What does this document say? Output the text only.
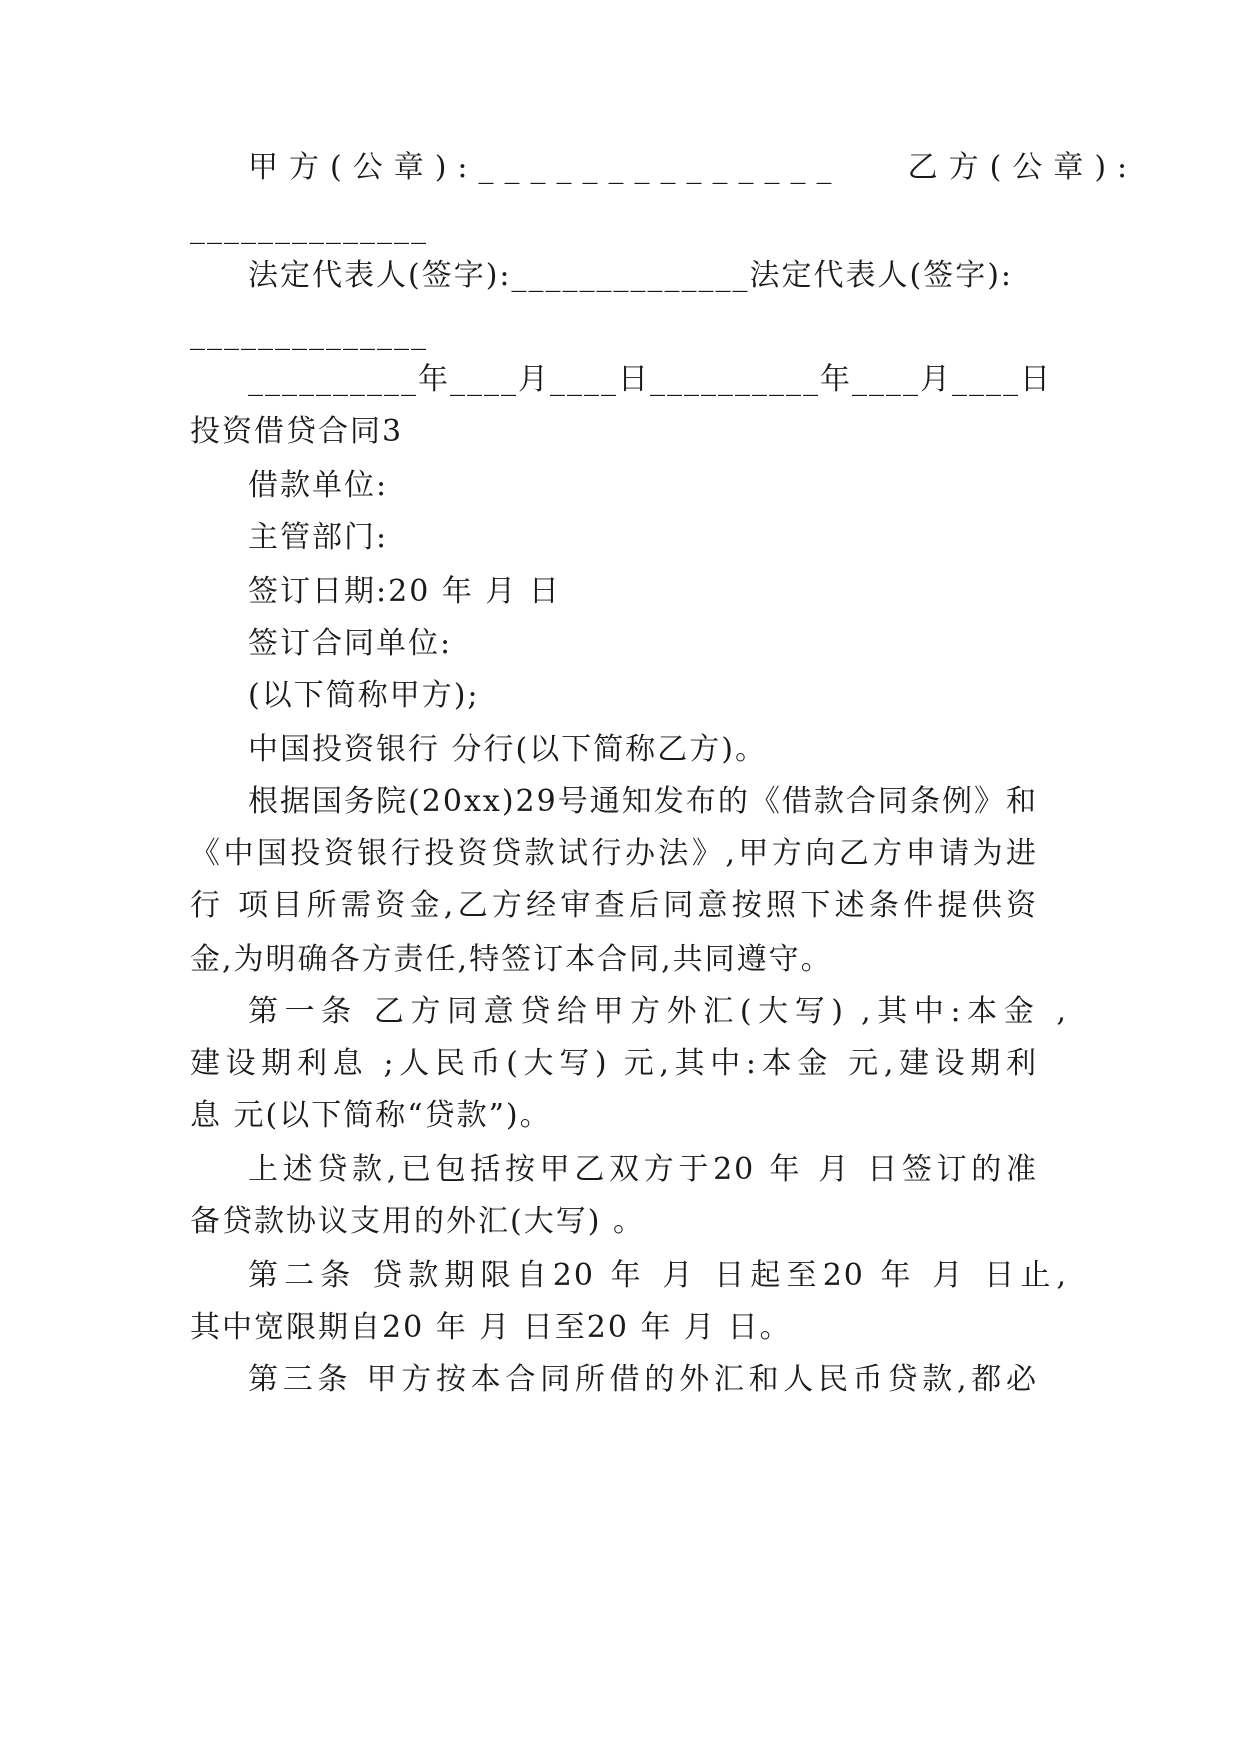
甲方(公章):______________ 乙方(公章):
______________
法定代表人(签字):______________法定代表人(签字):
______________
__________年____月____日__________年____月____日
投资借贷合同3
借款单位:
主管部门:
签订日期:20 年 月 日
签订合同单位:
(以下简称甲方);
中国投资银行 分行(以下简称乙方)。
根据国务院(20xx)29号通知发布的《借款合同条例》和
《中国投资银行投资贷款试行办法》,甲方向乙方申请为进
行 项目所需资金,乙方经审查后同意按照下述条件提供资
金,为明确各方责任,特签订本合同,共同遵守。
第一条 乙方同意贷给甲方外汇(大写) ,其中:本金 ,
建设期利息 ;人民币(大写) 元,其中:本金 元,建设期利
息 元(以下简称“贷款”)。
上述贷款,已包括按甲乙双方于20 年 月 日签订的准
备贷款协议支用的外汇(大写) 。
第二条 贷款期限自20 年 月 日起至20 年 月 日止,
其中宽限期自20 年 月 日至20 年 月 日。
第三条 甲方按本合同所借的外汇和人民币贷款,都必
